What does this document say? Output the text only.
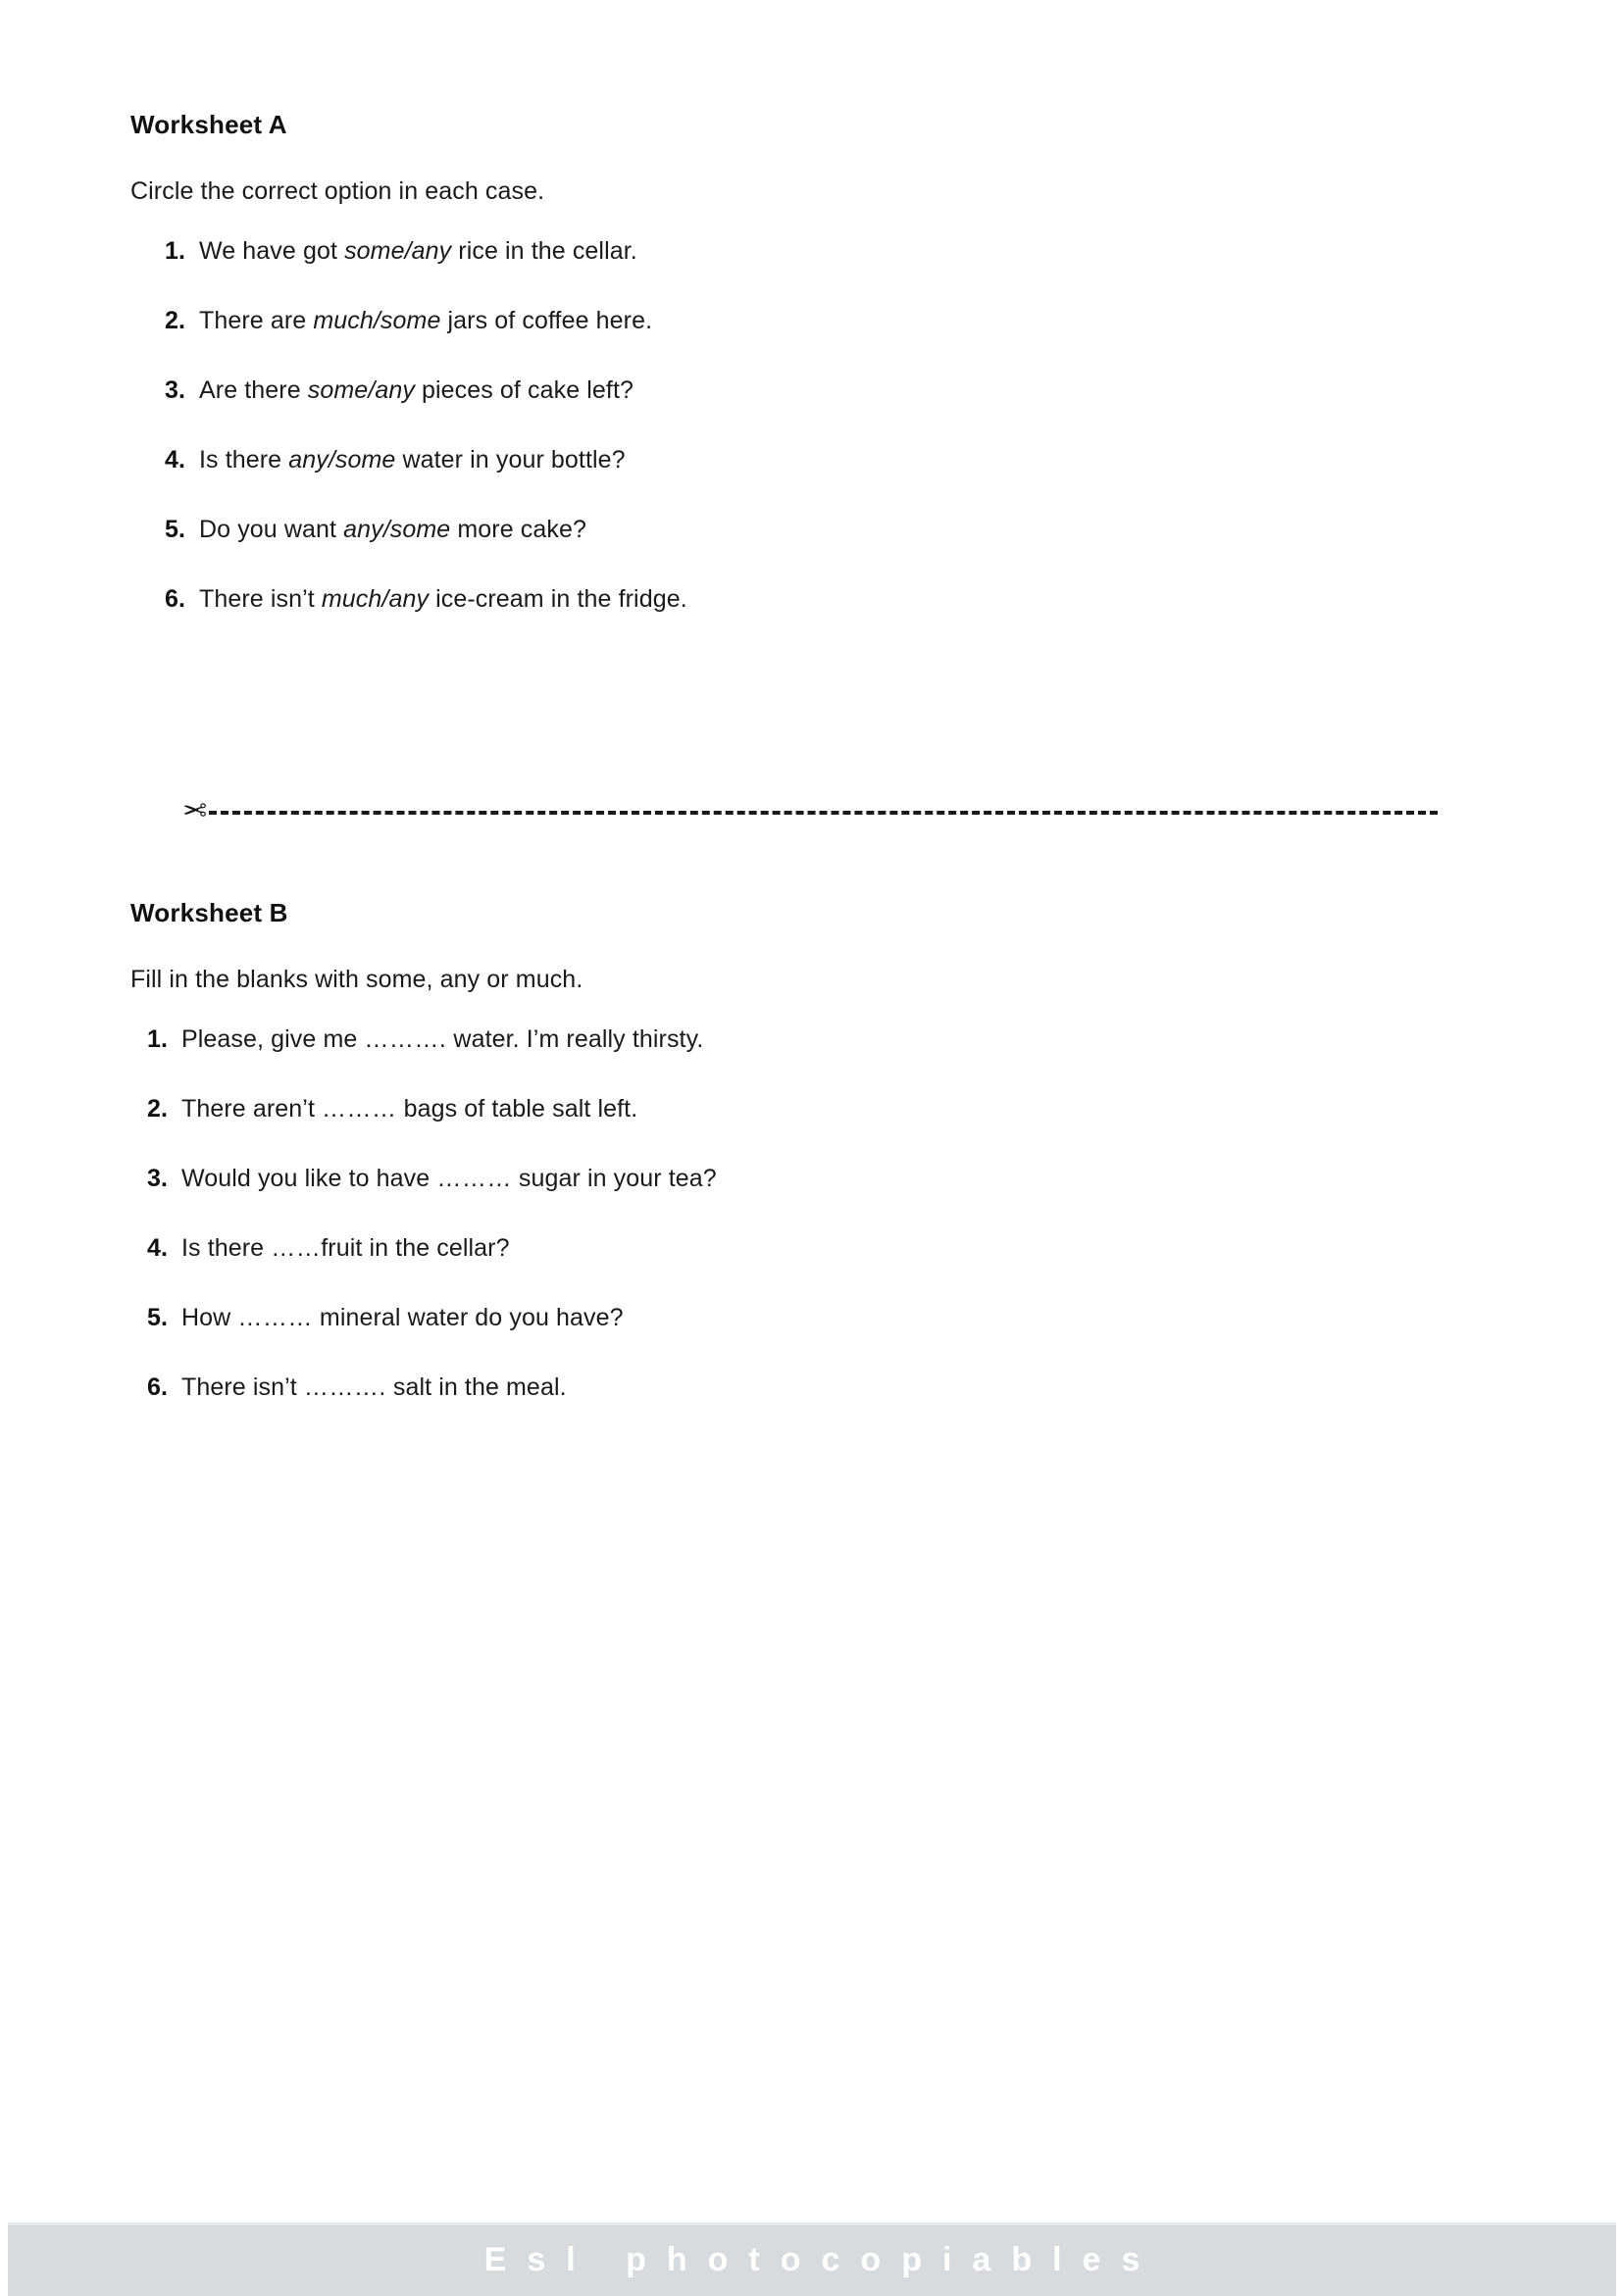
Worksheet A
Circle the correct option in each case.
1. We have got some/any rice in the cellar.
2. There are much/some jars of coffee here.
3. Are there some/any pieces of cake left?
4. Is there any/some water in your bottle?
5. Do you want any/some more cake?
6. There isn’t much/any ice-cream in the fridge.
✂
Worksheet B
Fill in the blanks with some, any or much.
1. Please, give me ………. water. I’m really thirsty.
2. There aren’t ……… bags of table salt left.
3. Would you like to have ……… sugar in your tea?
4. Is there ……fruit in the cellar?
5. How ……… mineral water do you have?
6. There isn’t ………. salt in the meal.
Esl photocopiables
